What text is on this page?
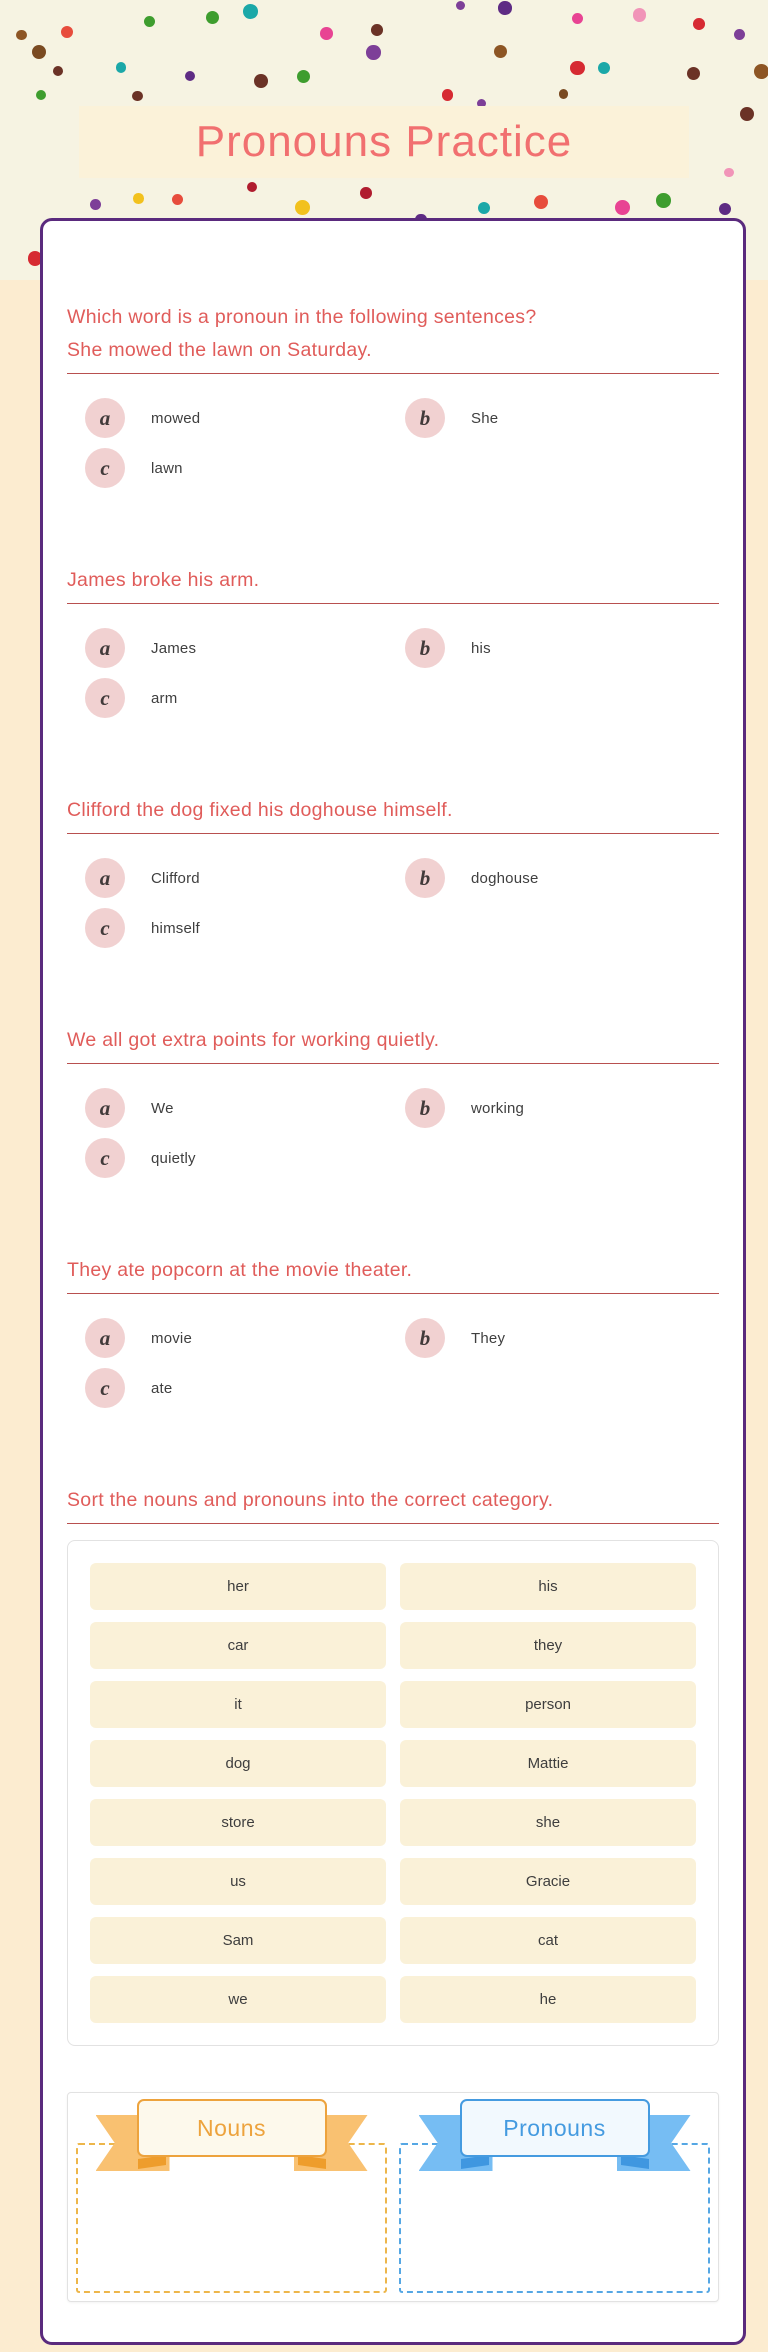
Pronouns Practice
Which word is a pronoun in the following sentences?
She mowed the lawn on Saturday.
a	mowed	b	She
c	lawn
James broke his arm.
a	James	b	his
c	arm
Clifford the dog fixed his doghouse himself.
a	Clifford	b	doghouse
c	himself
We all got extra points for working quietly.
a	We	b	working
c	quietly
They ate popcorn at the movie theater.
a	movie	b	They
c	ate
Sort the nouns and pronouns into the correct category.
her	his
car	they
it	person
dog	Mattie
store	she
us	Gracie
Sam	cat
we	he
Nouns	Pronouns
